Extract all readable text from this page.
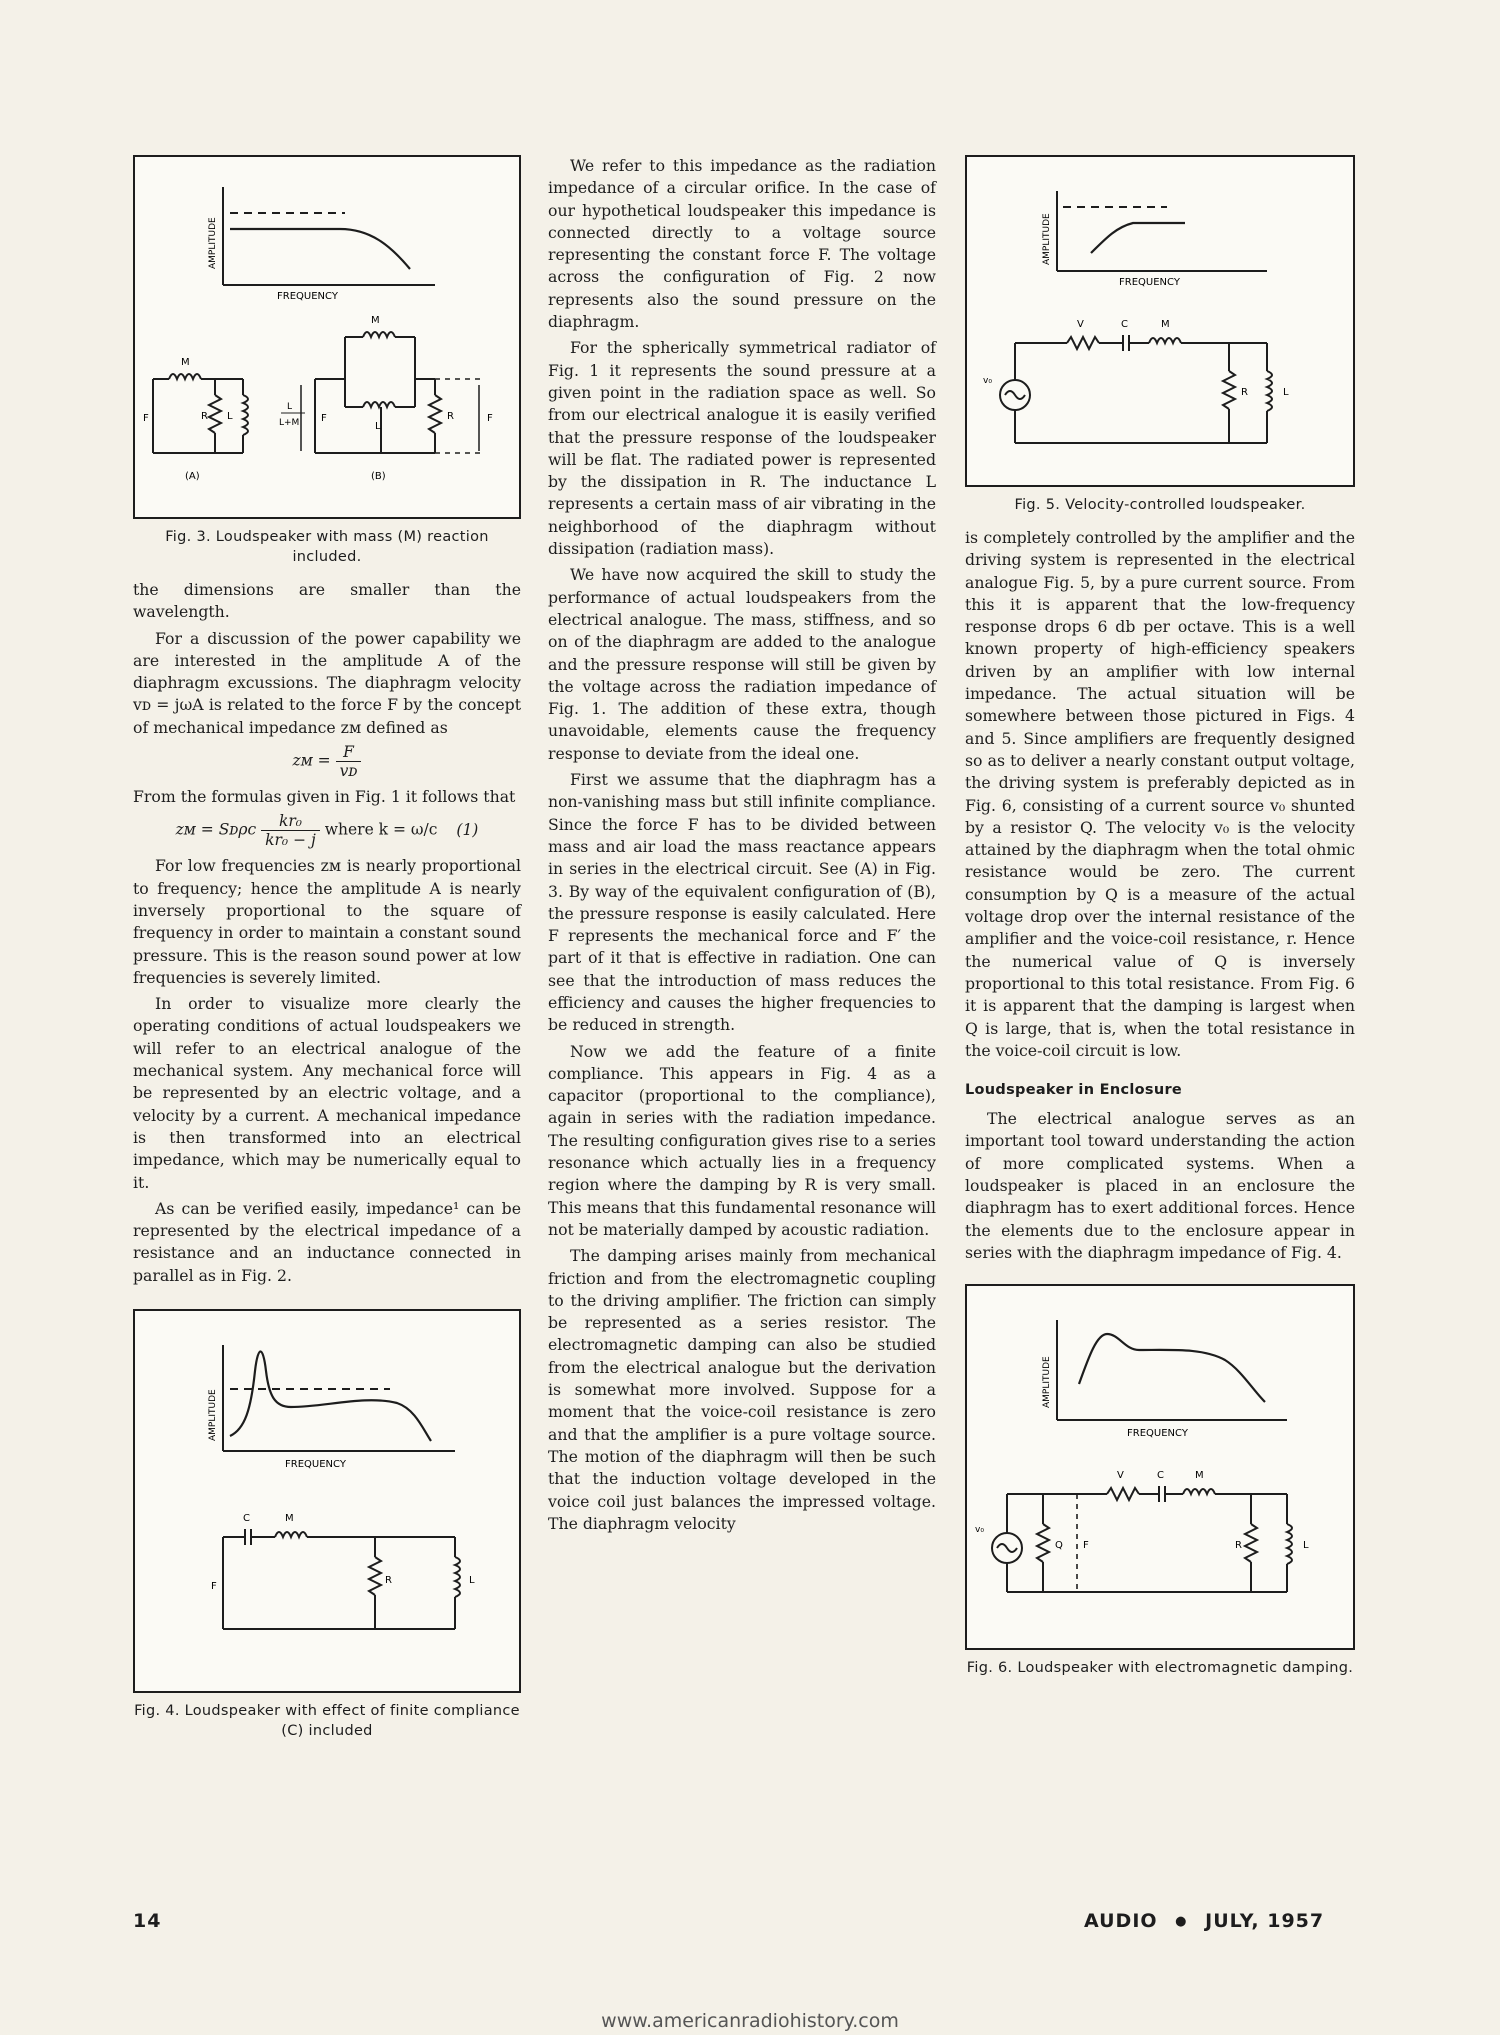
AMPLITUDE
FREQUENCY
M
F	R L
(A)
M
L
L+M F
L
R	F
(B)
Fig. 3. Loudspeaker with mass (M) reaction included.

the dimensions are smaller than the wavelength.

For a discussion of the power capability we are interested in the amplitude A of the diaphragm excussions. The diaphragm velocity vᴅ = jωA is related to the force F by the concept of mechanical impedance zᴍ defined as

zᴍ = $\frac{F}{\text{vᴅ}}$

From the formulas given in Fig. 1 it follows that

zᴍ = Sᴅρc $\frac{\text{kr₀}}{\text{kr₀ − j}}$ where k = ω/c (1)

For low frequencies zᴍ is nearly proportional to frequency; hence the amplitude A is nearly inversely proportional to the square of frequency in order to maintain a constant sound pressure. This is the reason sound power at low frequencies is severely limited.

In order to visualize more clearly the operating conditions of actual loudspeakers we will refer to an electrical analogue of the mechanical system. Any mechanical force will be represented by an electric voltage, and a velocity by a current. A mechanical impedance is then transformed into an electrical impedance, which may be numerically equal to it.

As can be verified easily, impedance¹ can be represented by the electrical impedance of a resistance and an inductance connected in parallel as in Fig. 2.

AMPLITUDE
FREQUENCY
C	M
F
R	L
Fig. 4. Loudspeaker with effect of finite compliance (C) included

We refer to this impedance as the radiation impedance of a circular orifice. In the case of our hypothetical loudspeaker this impedance is connected directly to a voltage source representing the constant force F. The voltage across the configuration of Fig. 2 now represents also the sound pressure on the diaphragm.

For the spherically symmetrical radiator of Fig. 1 it represents the sound pressure at a given point in the radiation space as well. So from our electrical analogue it is easily verified that the pressure response of the loudspeaker will be flat. The radiated power is represented by the dissipation in R. The inductance L represents a certain mass of air vibrating in the neighborhood of the diaphragm without dissipation (radiation mass).

We have now acquired the skill to study the performance of actual loudspeakers from the electrical analogue. The mass, stiffness, and so on of the diaphragm are added to the analogue and the pressure response will still be given by the voltage across the radiation impedance of Fig. 1. The addition of these extra, though unavoidable, elements cause the frequency response to deviate from the ideal one.

First we assume that the diaphragm has a non-vanishing mass but still infinite compliance. Since the force F has to be divided between mass and air load the mass reactance appears in series in the electrical circuit. See (A) in Fig. 3. By way of the equivalent configuration of (B), the pressure response is easily calculated. Here F represents the mechanical force and F′ the part of it that is effective in radiation. One can see that the introduction of mass reduces the efficiency and causes the higher frequencies to be reduced in strength.

Now we add the feature of a finite compliance. This appears in Fig. 4 as a capacitor (proportional to the compliance), again in series with the radiation impedance. The resulting configuration gives rise to a series resonance which actually lies in a frequency region where the damping by R is very small. This means that this fundamental resonance will not be materially damped by acoustic radiation.

The damping arises mainly from mechanical friction and from the electromagnetic coupling to the driving amplifier. The friction can simply be represented as a series resistor. The electromagnetic damping can also be studied from the electrical analogue but the derivation is somewhat more involved. Suppose for a moment that the voice-coil resistance is zero and that the amplifier is a pure voltage source. The motion of the diaphragm will then be such that the induction voltage developed in the voice coil just balances the impressed voltage. The diaphragm velocity

AMPLITUDE
FREQUENCY
V	C	M
v₀
R	L
Fig. 5. Velocity-controlled loudspeaker.

is completely controlled by the amplifier and the driving system is represented in the electrical analogue Fig. 5, by a pure current source. From this it is apparent that the low-frequency response drops 6 db per octave. This is a well known property of high-efficiency speakers driven by an amplifier with low internal impedance. The actual situation will be somewhere between those pictured in Figs. 4 and 5. Since amplifiers are frequently designed so as to deliver a nearly constant output voltage, the driving system is preferably depicted as in Fig. 6, consisting of a current source v₀ shunted by a resistor Q. The velocity v₀ is the velocity attained by the diaphragm when the total ohmic resistance would be zero. The current consumption by Q is a measure of the actual voltage drop over the internal resistance of the amplifier and the voice-coil resistance, r. Hence the numerical value of Q is inversely proportional to this total resistance. From Fig. 6 it is apparent that the damping is largest when Q is large, that is, when the total resistance in the voice-coil circuit is low.

Loudspeaker in Enclosure

The electrical analogue serves as an important tool toward understanding the action of more complicated systems. When a loudspeaker is placed in an enclosure the diaphragm has to exert additional forces. Hence the elements due to the enclosure appear in series with the diaphragm impedance of Fig. 4.

AMPLITUDE
FREQUENCY
V	C	M
v₀
Q F	R	L
Fig. 6. Loudspeaker with electromagnetic damping.
14	AUDIO ● JULY, 1957
www.americanradiohistory.com
